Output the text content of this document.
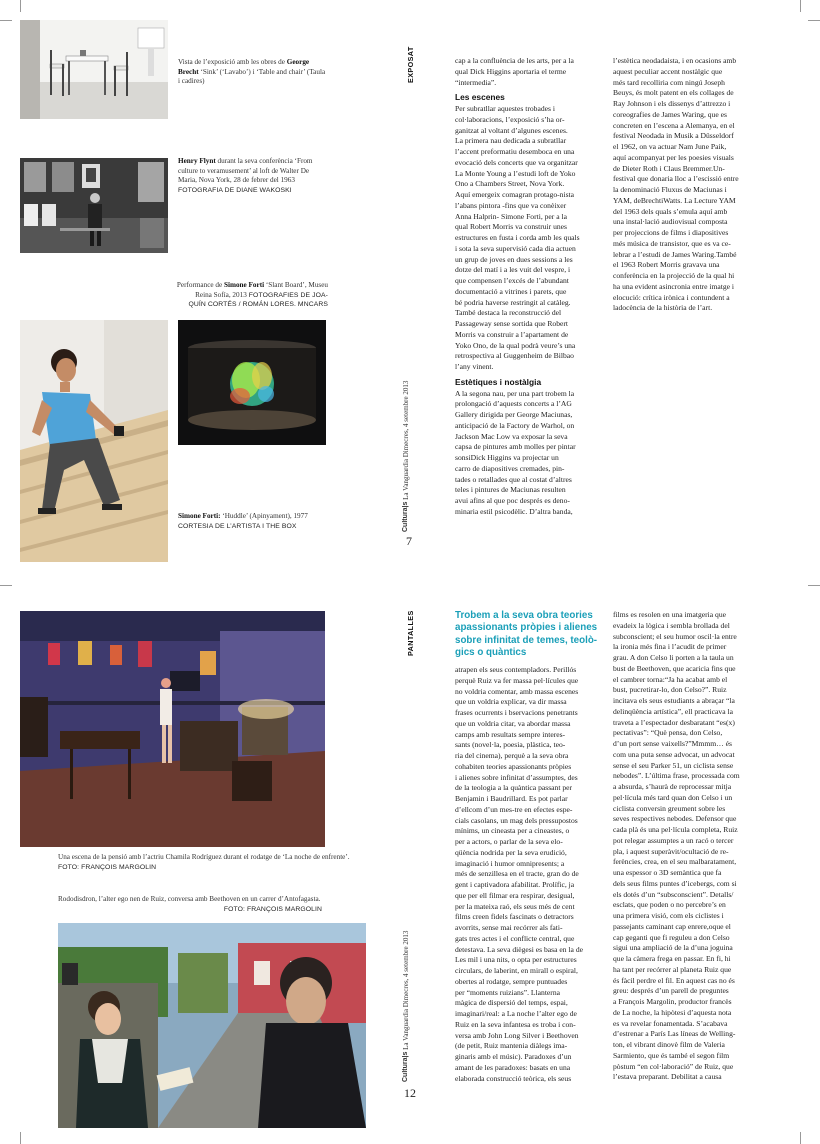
Vista de l’exposició amb les obres de George Brecht ‘Sink’ (‘Lavabo’) i ‘Table and chair’ (Taula i cadires)
Henry Flynt durant la seva conferència ‘From culture to veramusement’ al loft de Walter De Maria, Nova York, 28 de febrer del 1963
FOTOGRAFIA DE DIANE WAKOSKI
Performance de Simone Forti ‘Slant Board’, Museu Reina Sofía, 2013 FOTOGRAFIES DE JOA-
QUÍN CORTÉS / ROMÁN LORES. MNCARS
Simone Forti: ‘Huddle’ (Apinyament), 1977
CORTESIA DE L’ARTISTA I THE BOX
EXPOSAT
Cultura|s La Vanguardia Dimecres, 4 setembre 2013
7

cap a la confluència de les arts, per a la
qual Dick Higgins aportaria el terme
“intermedia”.

Les escenes

Per subratllar aquestes trobades i
col·laboracions, l’exposició s’ha or-
ganitzat al voltant d’algunes escenes.
La primera nau dedicada a subratllar
l’accent preformatiu desemboca en una
evocació dels concerts que va organitzar
La Monte Young a l’estudi loft de Yoko
Ono a Chambers Street, Nova York.
Aquí emergeix comagran protago-nista
l’abans pintora -fins que va conèixer
Anna Halprin- Simone Forti, per a la
qual Robert Morris va construir unes
estructures en fusta i corda amb les quals
i sota la seva supervisió cada dia actuen
un grup de joves en dues sessions a les
dotze del matí i a les vuit del vespre, i
que compensen l’excés de l’abundant
documentació a vitrines i parets, que
bé podria haverse restringit al catàleg.
També destaca la reconstrucció del
Passageway sense sortida que Robert
Morris va construir a l’apartament de
Yoko Ono, de la qual podrà veure’s una
retrospectiva al Guggenheim de Bilbao
l’any vinent.

Estètiques i nostàlgia

A la segona nau, per una part trobem la
prolongació d’aquests concerts a l’AG
Gallery dirigida per George Maciunas,
anticipació de la Factory de Warhol, on
Jackson Mac Low va exposar la seva
capsa de pintures amb molles per pintar
sonsiDick Higgins va projectar un
carro de diapositives cremades, pin-
tades o retallades que al costat d’altres
teles i pintures de Maciunas resulten
avui afins al que poc després es deno-
minaria estil psicodèlic. D’altra banda,

l’estètica neodadaista, i en ocasions amb
aquest peculiar accent nostàlgic que
més tard recolliria com ningú Joseph
Beuys, és molt patent en els collages de
Ray Johnson i els dissenys d’attrezzo i
coreografies de James Waring, que es
concreten en l’escena a Alemanya, en el
festival Neodada in Musik a Düsseldorf
el 1962, on va actuar Nam June Paik,
aquí acompanyat per les poesies visuals
de Dieter Roth i Claus Bremmer.Un-
festival que donaria lloc a l’escissió entre
la denominació Fluxus de Maciunas i
YAM, deBrechtiWatts. La Lecture YAM
del 1963 dels quals s’emula aquí amb
una instal·lació audiovisual composta
per projeccions de films i diapositives
més música de transistor, que es va ce-
lebrar a l’estudi de James Waring.També
el 1963 Robert Morris gravava una
conferència en la projecció de la qual hi
ha una evident asincronia entre imatge i
elocució: crítica irònica i contundent a
ladocència de la història de l’art.

Una escena de la pensió amb l’actriu Chamila Rodríguez durant el rodatge de ‘La noche de enfrente’.
FOTO: FRANÇOIS MARGOLIN
Rododisdron, l’alter ego nen de Ruiz, conversa amb Beethoven en un carrer d’Antofagasta.
FOTO: FRANÇOIS MARGOLIN
PANTALLES
Cultura|s La Vanguardia Dimecres, 4 setembre 2013
12
Trobem a la seva obra teories apassionants pròpies i alienes sobre infinitat de temes, teolò-gics o quàntics

atrapen els seus contempladors. Perillós
perquè Ruiz va fer massa pel·lícules que
no voldria comentar, amb massa escenes
que un voldria explicar, va dir massa
frases ocurrents i bservacions penetrants
que un voldria citar, va abordar massa
camps amb resultats sempre interes-
sants (novel·la, poesia, plàstica, teo-
ria del cinema), perquè a la seva obra
cohabiten teories apassionants pròpies
i alienes sobre infinitat d’assumptes, des
de la teologia a la quàntica passant per
Benjamin i Baudrillard. Es pot parlar
d’ellcom d’un mes-tre en efectes espe-
cials casolans, un mag dels pressupostos
mínims, un cineasta per a cineastes, o
per a actors, o parlar de la seva elo-
qüència nodrida per la seva erudició,
imaginació i humor omnipresents; a
més de senzillesa en el tracte, gran do de
gent i captivadora afabilitat. Prolífic, ja
que per ell filmar era respirar, desigual,
per la mateixa raó, els seus més de cent
films creen fidels fascinats o detractors
avorrits, sense mai recórrer als fati-
gats tres actes i el conflicte central, que
detestava. La seva diègesi es basa en la de
Les mil i una nits, o opta per estructures
circulars, de laberint, en mirall o espiral,
obertes al rodatge, sempre puntuades
per “moments ruizians”. Llanterna
màgica de dispersió del temps, espai,
imaginari/real: a La noche l’alter ego de
Ruiz en la seva infantesa es troba i con-
versa amb John Long Silver i Beethoven
(de petit, Ruiz mantenia diàlegs ima-
ginaris amb el músic). Paradoxes d’un
amant de les paradoxes: basats en una
elaborada construcció teòrica, els seus

films es resolen en una imatgeria que
evadeix la lògica i sembla brollada del
subconscient; el seu humor oscil·la entre
la ironia més fina i l’acudit de primer
grau. A don Celso li porten a la taula un
bust de Beethoven, que acaricia fins que
el cambrer torna:“Ja ha acabat amb el
bust, pucretirar-lo, don Celso?”. Ruiz
incitava els seus estudiants a abraçar “la
delinqüència artística”, ell practicava la
traveta a l’espectador desbaratant “es(x)
pectativas”: “Què pensa, don Celso,
d’un port sense vaixells?”Mmmm… és
com una puta sense advocat, un advocat
sense el seu Parker 51, un ciclista sense
nebodes”. L’última frase, processada com
a absurda, s’haurà de reprocessar mitja
pel·lícula més tard quan don Celso i un
ciclista conversin greument sobre les
seves respectives nebodes. Defensor que
cada plà és una pel·lícula completa, Ruiz
pot relegar assumptes a un racó o tercer
pla, i aquest superàvit/ocultació de re-
ferències, crea, en el seu malbaratament,
una espessor o 3D semàntica que fa
dels seus films puntes d’icebergs, com si
els dotés d’un “subsconscient”. Detalls/
esclats, que poden o no percebre’s en
una primera visió, com els ciclistes i
passejants caminant cap enrere,oque el
cap geganti que fi reguleu a don Celso
sigui una ampliació de la d’una joguina
que la càmera frega en passar. En fi, hi
ha tant per recórrer al planeta Ruiz que
és fàcil perdre el fil. En aquest cas no és
greu: després d’un parell de preguntes
a François Margolin, productor francès
de La noche, la hipòtesi d’aquesta nota
es va revelar fonamentada. S’acabava
d’estrenar a París Las líneas de Welling-
ton, el vibrant dinovè film de Valeria
Sarmiento, que és també el segon film
pòstum “en col·laboració” de Ruiz, que
l’estava preparant. Debilitat a causa
